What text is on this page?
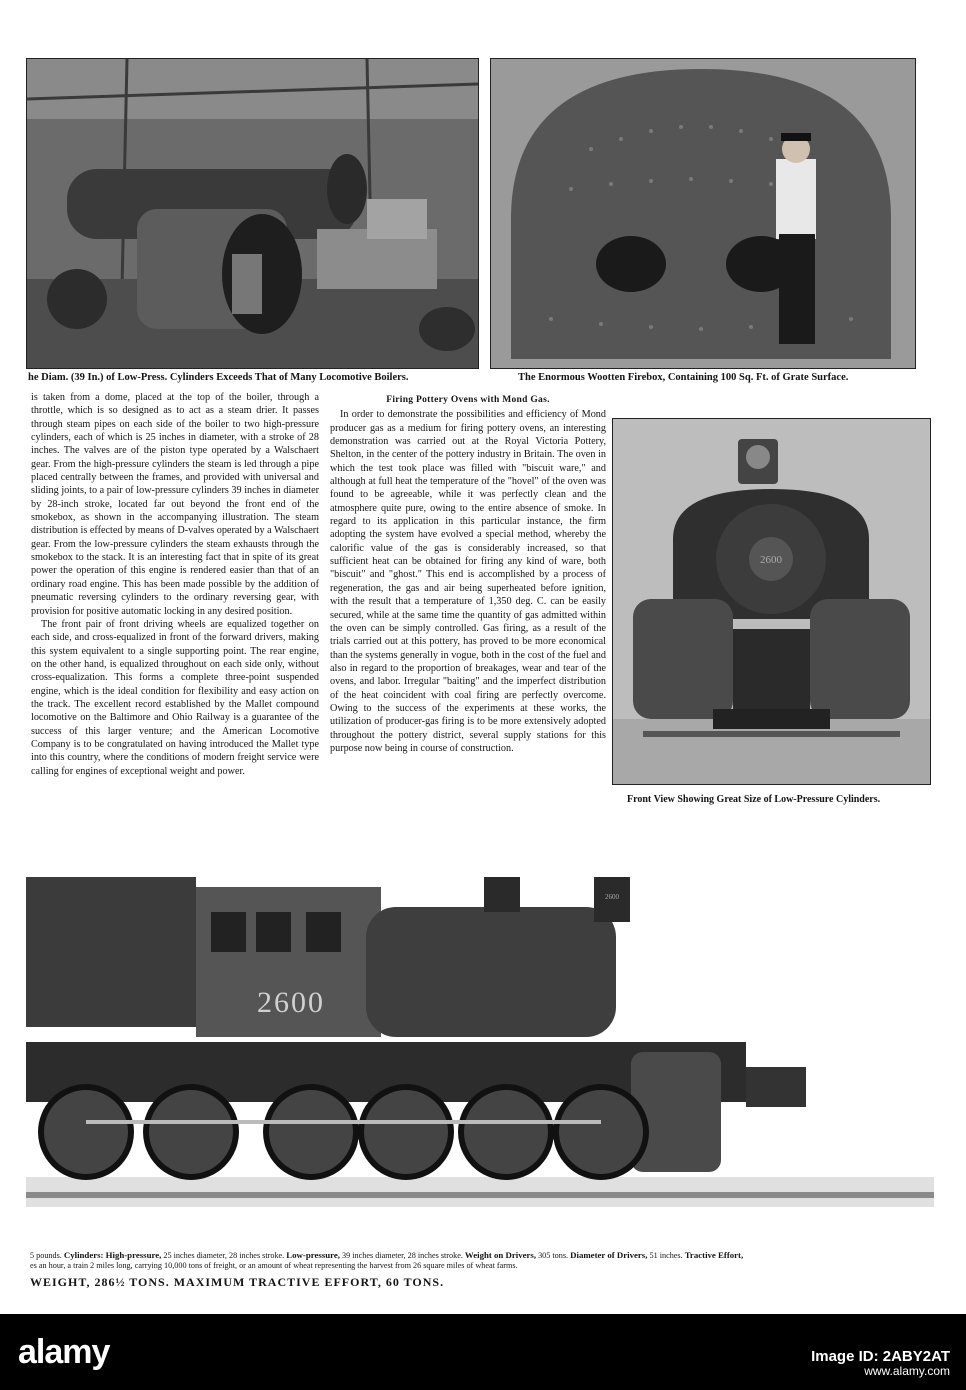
he Diam. (39 In.) of Low-Press. Cylinders Exceeds That of Many Locomotive Boilers.	The Enormous Wootten Firebox, Containing 100 Sq. Ft. of Grate Surface.

is taken from a dome, placed at the top of the boiler, through a throttle, which is so designed as to act as a steam drier. It passes through steam pipes on each side of the boiler to two high-pressure cylinders, each of which is 25 inches in diameter, with a stroke of 28 inches. The valves are of the piston type operated by a Walschaert gear. From the high-pressure cylinders the steam is led through a pipe placed centrally between the frames, and provided with universal and sliding joints, to a pair of low-pressure cylinders 39 inches in diameter by 28-inch stroke, located far out beyond the front end of the smokebox, as shown in the accompanying illustration. The steam distribution is effected by means of D-valves operated by a Walschaert gear. From the low-pressure cylinders the steam exhausts through the smokebox to the stack. It is an interesting fact that in spite of its great power the operation of this engine is rendered easier than that of an ordinary road engine. This has been made possible by the addition of pneumatic reversing cylinders to the ordinary reversing gear, with provision for positive automatic locking in any desired position.

The front pair of front driving wheels are equalized together on each side, and cross-equalized in front of the forward drivers, making this system equivalent to a single supporting point. The rear engine, on the other hand, is equalized throughout on each side only, without cross-equalization. This forms a complete three-point suspended engine, which is the ideal condition for flexibility and easy action on the track. The excellent record established by the Mallet compound locomotive on the Baltimore and Ohio Railway is a guarantee of the success of this larger venture; and the American Locomotive Company is to be congratulated on having introduced the Mallet type into this country, where the conditions of modern freight service were calling for engines of exceptional weight and power.

Firing Pottery Ovens with Mond Gas.

In order to demonstrate the possibilities and efficiency of Mond producer gas as a medium for firing pottery ovens, an interesting demonstration was carried out at the Royal Victoria Pottery, Shelton, in the center of the pottery industry in Britain. The oven in which the test took place was filled with "biscuit ware," and although at full heat the temperature of the "hovel" of the oven was found to be agreeable, while it was perfectly clean and the atmosphere quite pure, owing to the entire absence of smoke. In regard to its application in this particular instance, the firm adopting the system have evolved a special method, whereby the calorific value of the gas is considerably increased, so that sufficient heat can be obtained for firing any kind of ware, both "biscuit" and "ghost." This end is accomplished by a process of regeneration, the gas and air being superheated before ignition, with the result that a temperature of 1,350 deg. C. can be easily secured, while at the same time the quantity of gas admitted within the oven can be simply controlled. Gas firing, as a result of the trials carried out at this pottery, has proved to be more economical than the systems generally in vogue, both in the cost of the fuel and also in regard to the proportion of breakages, wear and tear of the ovens, and labor. Irregular "baiting" and the imperfect distribution of the heat coincident with coal firing are perfectly overcome. Owing to the success of the experiments at these works, the utilization of producer-gas firing is to be more extensively adopted throughout the pottery district, several supply stations for this purpose now being in course of construction.

2600
Front View Showing Great Size of Low-Pressure Cylinders.
2600
2600
5 pounds. Cylinders: High-pressure, 25 inches diameter, 28 inches stroke. Low-pressure, 39 inches diameter, 28 inches stroke. Weight on Drivers, 305 tons. Diameter of Drivers, 51 inches. Tractive Effort,
es an hour, a train 2 miles long, carrying 10,000 tons of freight, or an amount of wheat representing the harvest from 26 square miles of wheat farms.
WEIGHT, 286½ TONS. MAXIMUM TRACTIVE EFFORT, 60 TONS.
alamy	Image ID: 2ABY2AT
www.alamy.com
